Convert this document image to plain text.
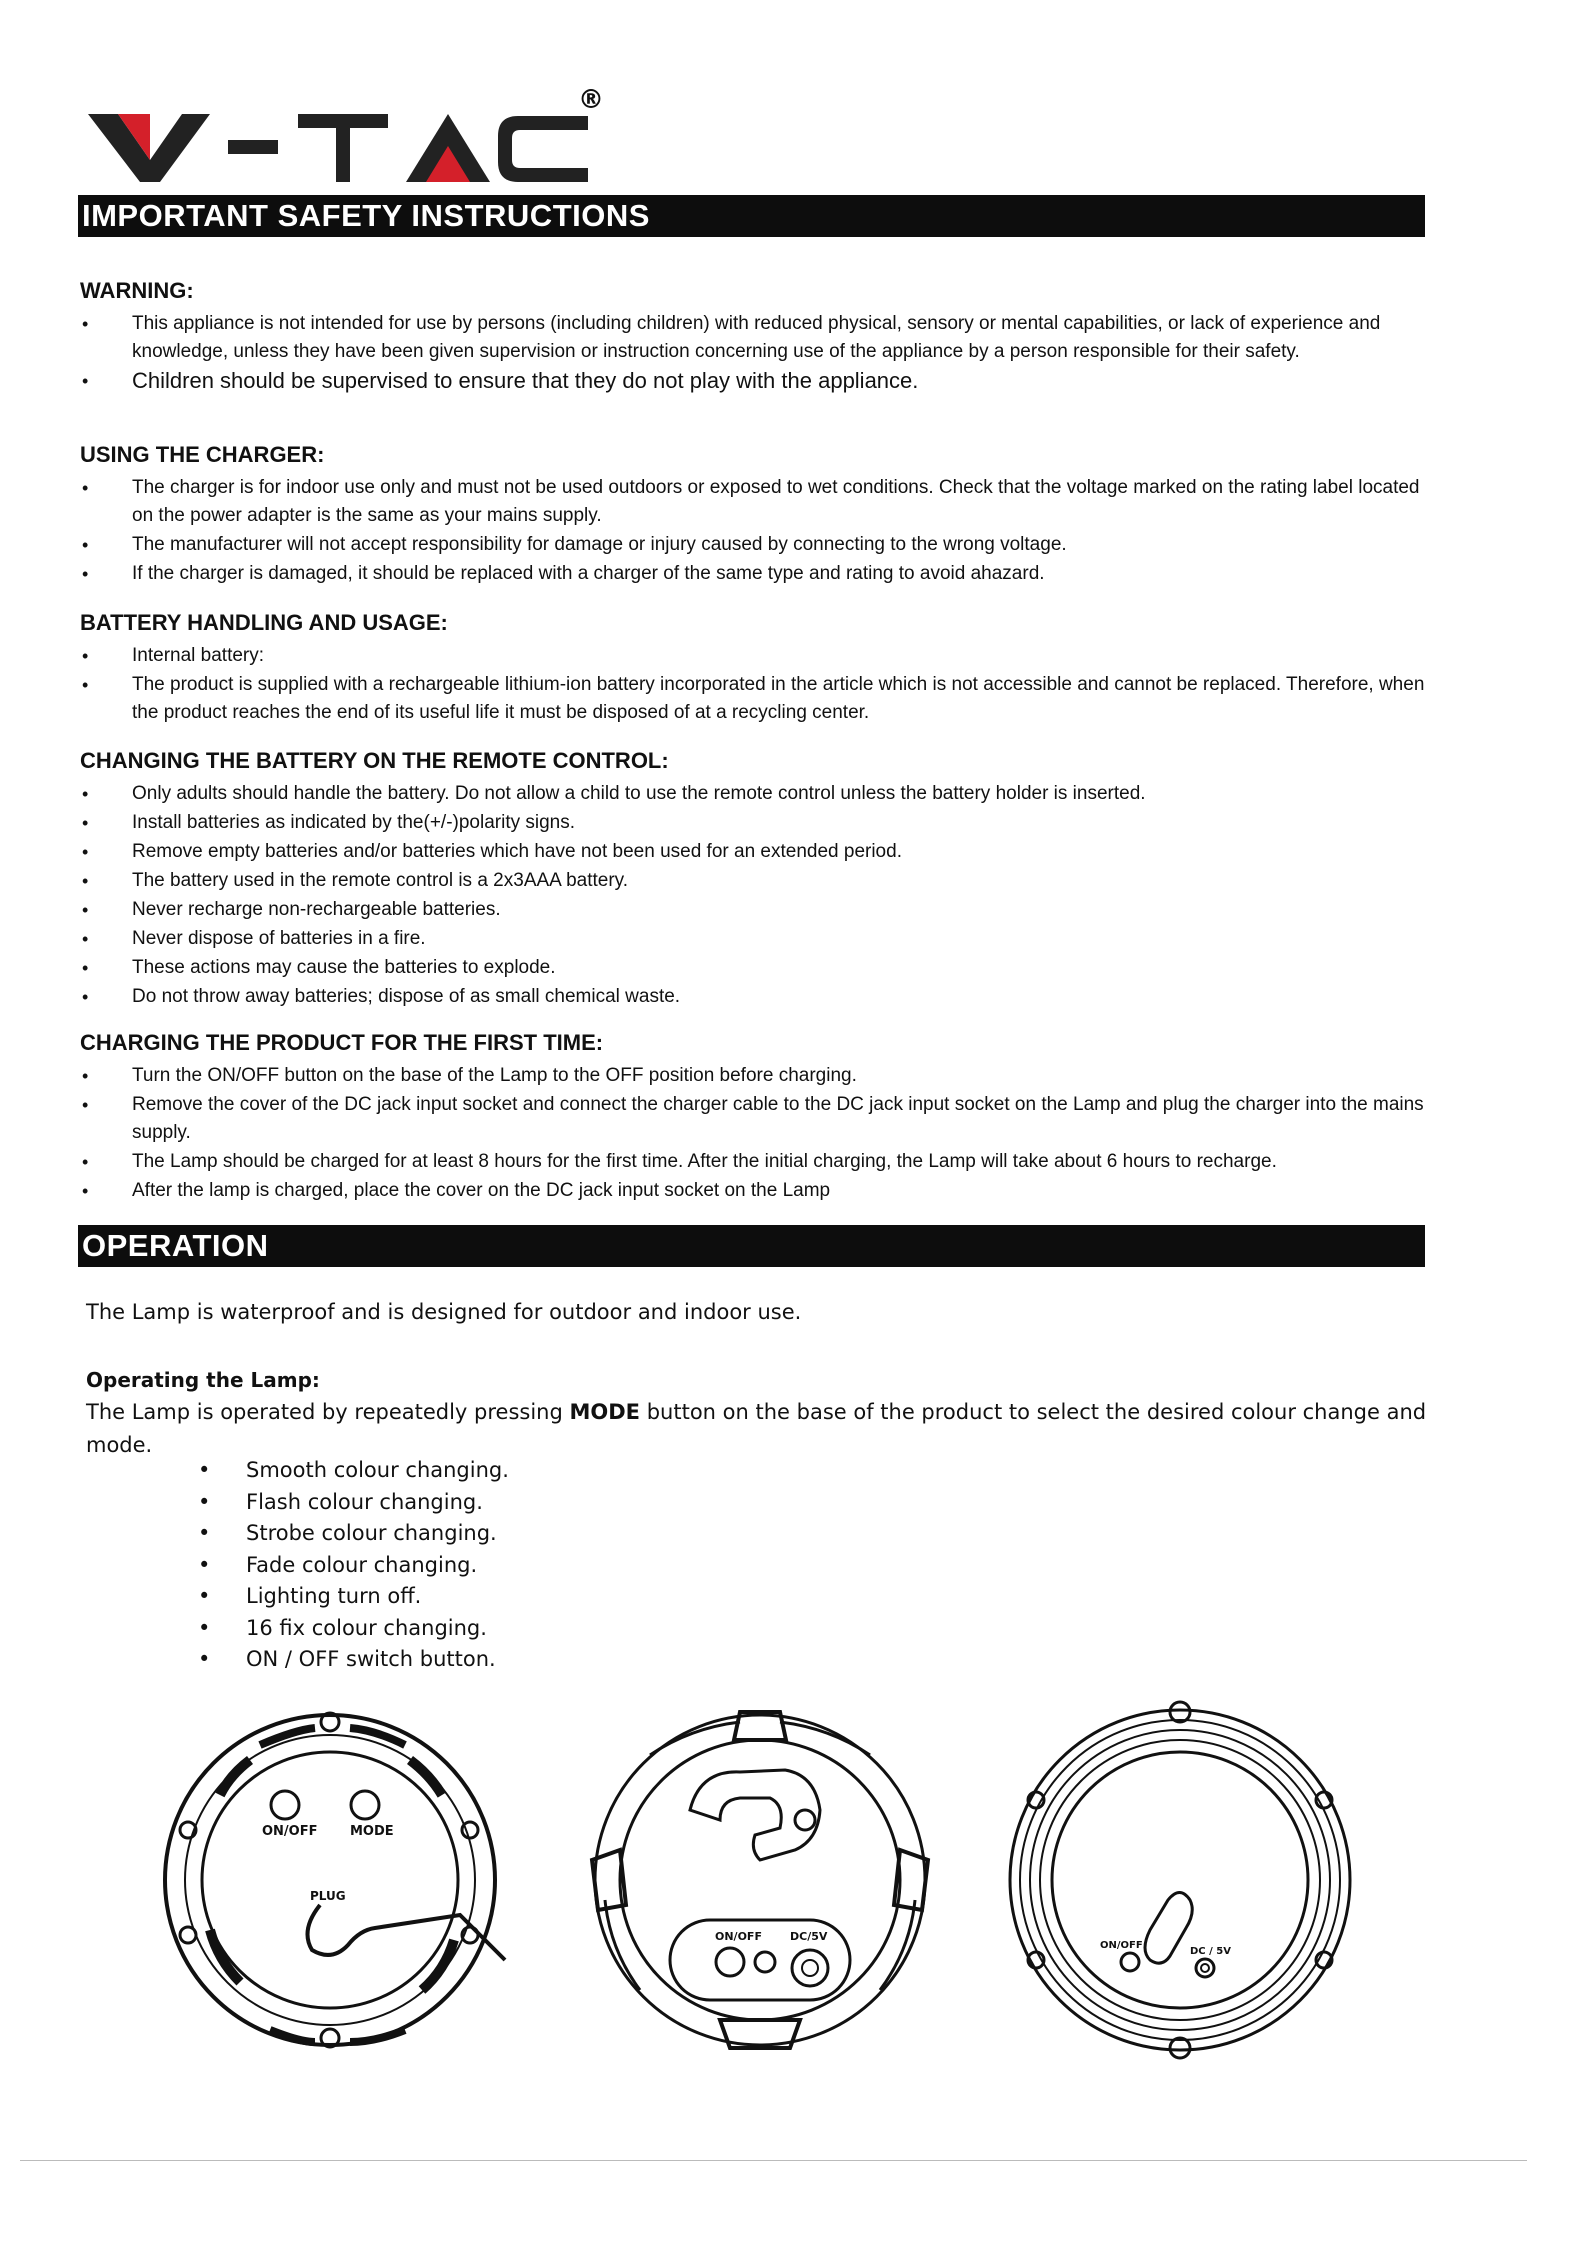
®
IMPORTANT SAFETY INSTRUCTIONS
WARNING:
• This appliance is not intended for use by persons (including children) with reduced physical, sensory or mental capabilities, or lack of experience and knowledge, unless they have been given supervision or instruction concerning use of the appliance by a person responsible for their safety.
• Children should be supervised to ensure that they do not play with the appliance.
USING THE CHARGER:
• The charger is for indoor use only and must not be used outdoors or exposed to wet conditions. Check that the voltage marked on the rating label located on the power adapter is the same as your mains supply.
• The manufacturer will not accept responsibility for damage or injury caused by connecting to the wrong voltage.
• If the charger is damaged, it should be replaced with a charger of the same type and rating to avoid ahazard.
BATTERY HANDLING AND USAGE:
• Internal battery:
• The product is supplied with a rechargeable lithium-ion battery incorporated in the article which is not accessible and cannot be replaced. Therefore, when the product reaches the end of its useful life it must be disposed of at a recycling center.
CHANGING THE BATTERY ON THE REMOTE CONTROL:
• Only adults should handle the battery. Do not allow a child to use the remote control unless the battery holder is inserted.
• Install batteries as indicated by the(+/-)polarity signs.
• Remove empty batteries and/or batteries which have not been used for an extended period.
• The battery used in the remote control is a 2x3AAA battery.
• Never recharge non-rechargeable batteries.
• Never dispose of batteries in a fire.
• These actions may cause the batteries to explode.
• Do not throw away batteries; dispose of as small chemical waste.
CHARGING THE PRODUCT FOR THE FIRST TIME:
• Turn the ON/OFF button on the base of the Lamp to the OFF position before charging.
• Remove the cover of the DC jack input socket and connect the charger cable to the DC jack input socket on the Lamp and plug the charger into the mains supply.
• The Lamp should be charged for at least 8 hours for the first time. After the initial charging, the Lamp will take about 6 hours to recharge.
• After the lamp is charged, place the cover on the DC jack input socket on the Lamp
OPERATION
The Lamp is waterproof and is designed for outdoor and indoor use.
Operating the Lamp:
The Lamp is operated by repeatedly pressing MODE button on the base of the product to select the desired colour change and mode.
• Smooth colour changing.
• Flash colour changing.
• Strobe colour changing.
• Fade colour changing.
• Lighting turn off.
• 16 fix colour changing.
• ON / OFF switch button.
ON/OFF	MODE
PLUG
ON/OFF	DC/5V
ON/OFF
DC / 5V
